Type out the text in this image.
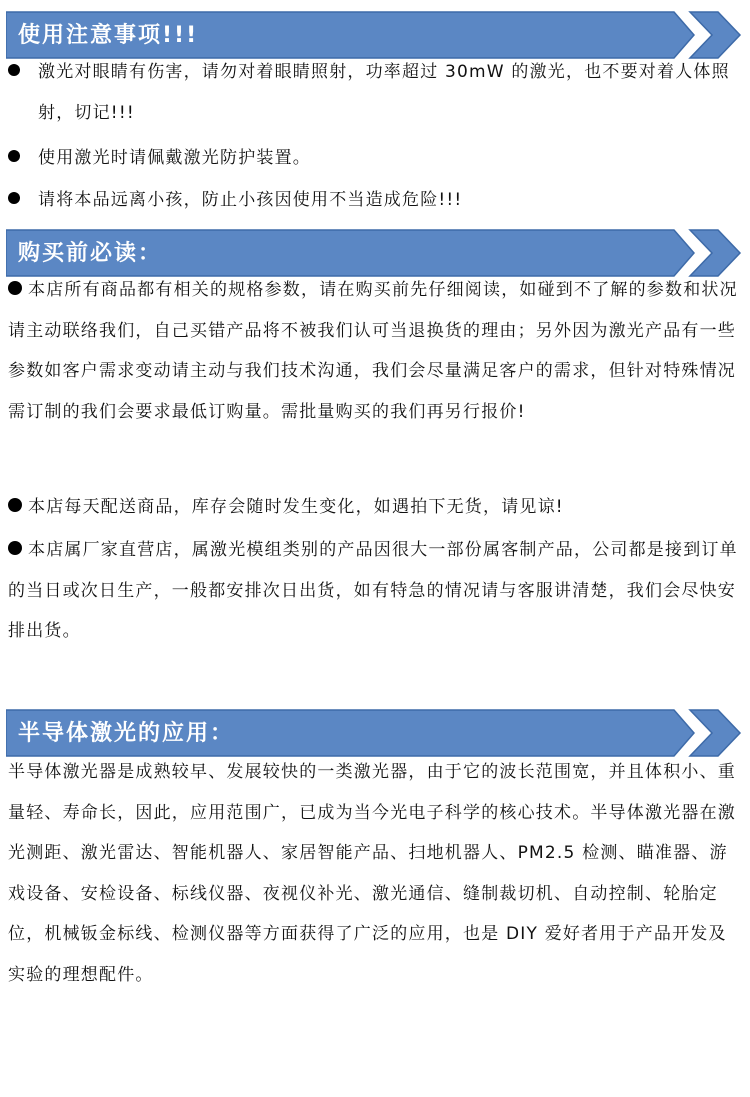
使用注意事项!!!

激光对眼睛有伤害，请勿对着眼睛照射，功率超过 30mW 的激光，也不要对着人体照射，切记!!!

使用激光时请佩戴激光防护装置。

请将本品远离小孩，防止小孩因使用不当造成危险!!!

购买前必读：

本店所有商品都有相关的规格参数，请在购买前先仔细阅读，如碰到不了解的参数和状况请主动联络我们，自己买错产品将不被我们认可当退换货的理由；另外因为激光产品有一些参数如客户需求变动请主动与我们技术沟通，我们会尽量满足客户的需求，但针对特殊情况需订制的我们会要求最低订购量。需批量购买的我们再另行报价!

本店每天配送商品，库存会随时发生变化，如遇拍下无货，请见谅!

本店属厂家直营店，属激光模组类别的产品因很大一部份属客制产品，公司都是接到订单的当日或次日生产，一般都安排次日出货，如有特急的情况请与客服讲清楚，我们会尽快安排出货。

半导体激光的应用：

半导体激光器是成熟较早、发展较快的一类激光器，由于它的波长范围宽，并且体积小、重量轻、寿命长，因此，应用范围广，已成为当今光电子科学的核心技术。半导体激光器在激光测距、激光雷达、智能机器人、家居智能产品、扫地机器人、PM2.5 检测、瞄准器、游戏设备、安检设备、标线仪器、夜视仪补光、激光通信、缝制裁切机、自动控制、轮胎定位，机械钣金标线、检测仪器等方面获得了广泛的应用，也是 DIY 爱好者用于产品开发及实验的理想配件。
